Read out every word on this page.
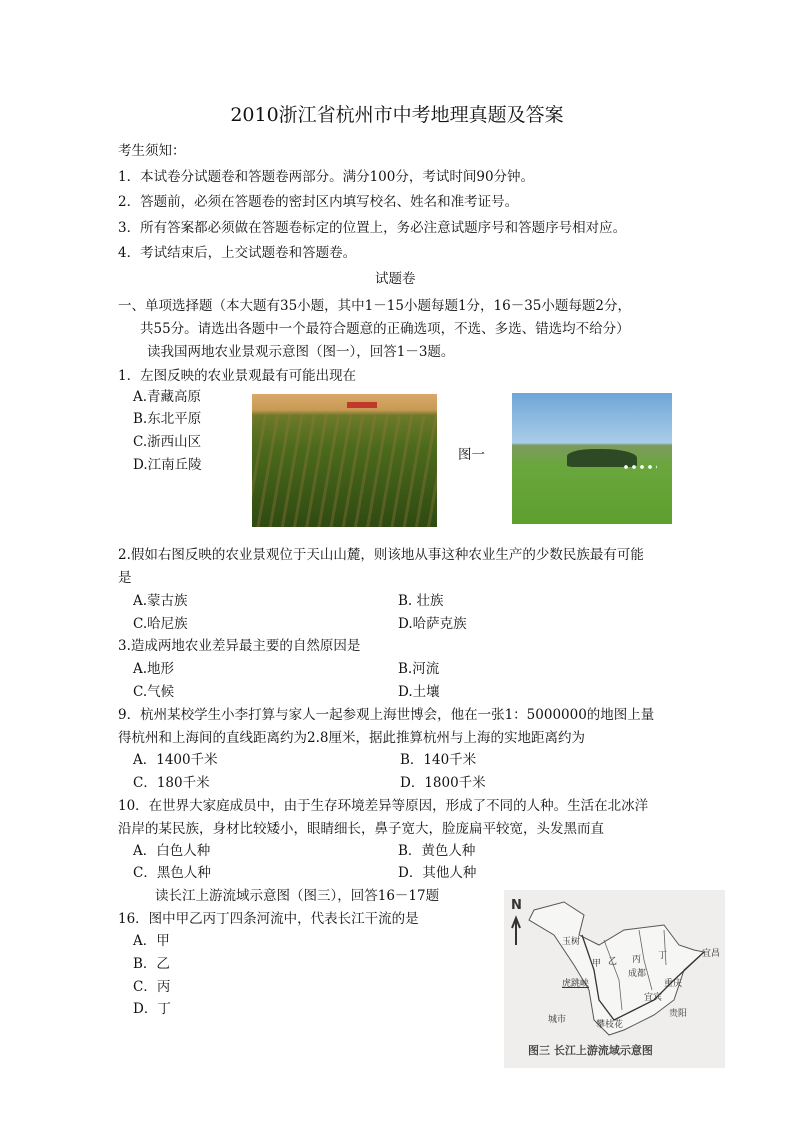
2010浙江省杭州市中考地理真题及答案
考生须知：
1．本试卷分试题卷和答题卷两部分。满分100分，考试时间90分钟。
2．答题前，必须在答题卷的密封区内填写校名、姓名和准考证号。
3．所有答案都必须做在答题卷标定的位置上，务必注意试题序号和答题序号相对应。
4．考试结束后，上交试题卷和答题卷。
试题卷
一、单项选择题（本大题有35小题，其中1－15小题每题1分，16－35小题每题2分，
共55分。请选出各题中一个最符合题意的正确选项，不选、多选、错选均不给分）
读我国两地农业景观示意图（图一），回答1－3题。
1．左图反映的农业景观最有可能出现在
A.青藏高原
B.东北平原
C.浙西山区
D.江南丘陵
图一
2.假如右图反映的农业景观位于天山山麓，则该地从事这种农业生产的少数民族最有可能
是
A.蒙古族	B. 壮族
C.哈尼族	D.哈萨克族
3.造成两地农业差异最主要的自然原因是
A.地形	B.河流
C.气候	D.土壤
9．杭州某校学生小李打算与家人一起参观上海世博会，他在一张1：5000000的地图上量
得杭州和上海间的直线距离约为2.8厘米，据此推算杭州与上海的实地距离约为
A．1400千米	B．140千米
C．180千米	D．1800千米
10．在世界大家庭成员中，由于生存环境差异等原因，形成了不同的人种。生活在北冰洋
沿岸的某民族，身材比较矮小，眼睛细长，鼻子宽大，脸庞扁平较宽，头发黑而直
A．白色人种	B．黄色人种
C．黑色人种	D．其他人种
读长江上游流域示意图（图三），回答16－17题
16．图中甲乙丙丁四条河流中，代表长江干流的是
A．甲
B．乙
C．丙
D．丁
N
玉树
甲 乙 丙 丁
成都
宜昌
重庆
宜宾
贵阳
攀枝花
虎跳峡
城市
图三 长江上游流域示意图
